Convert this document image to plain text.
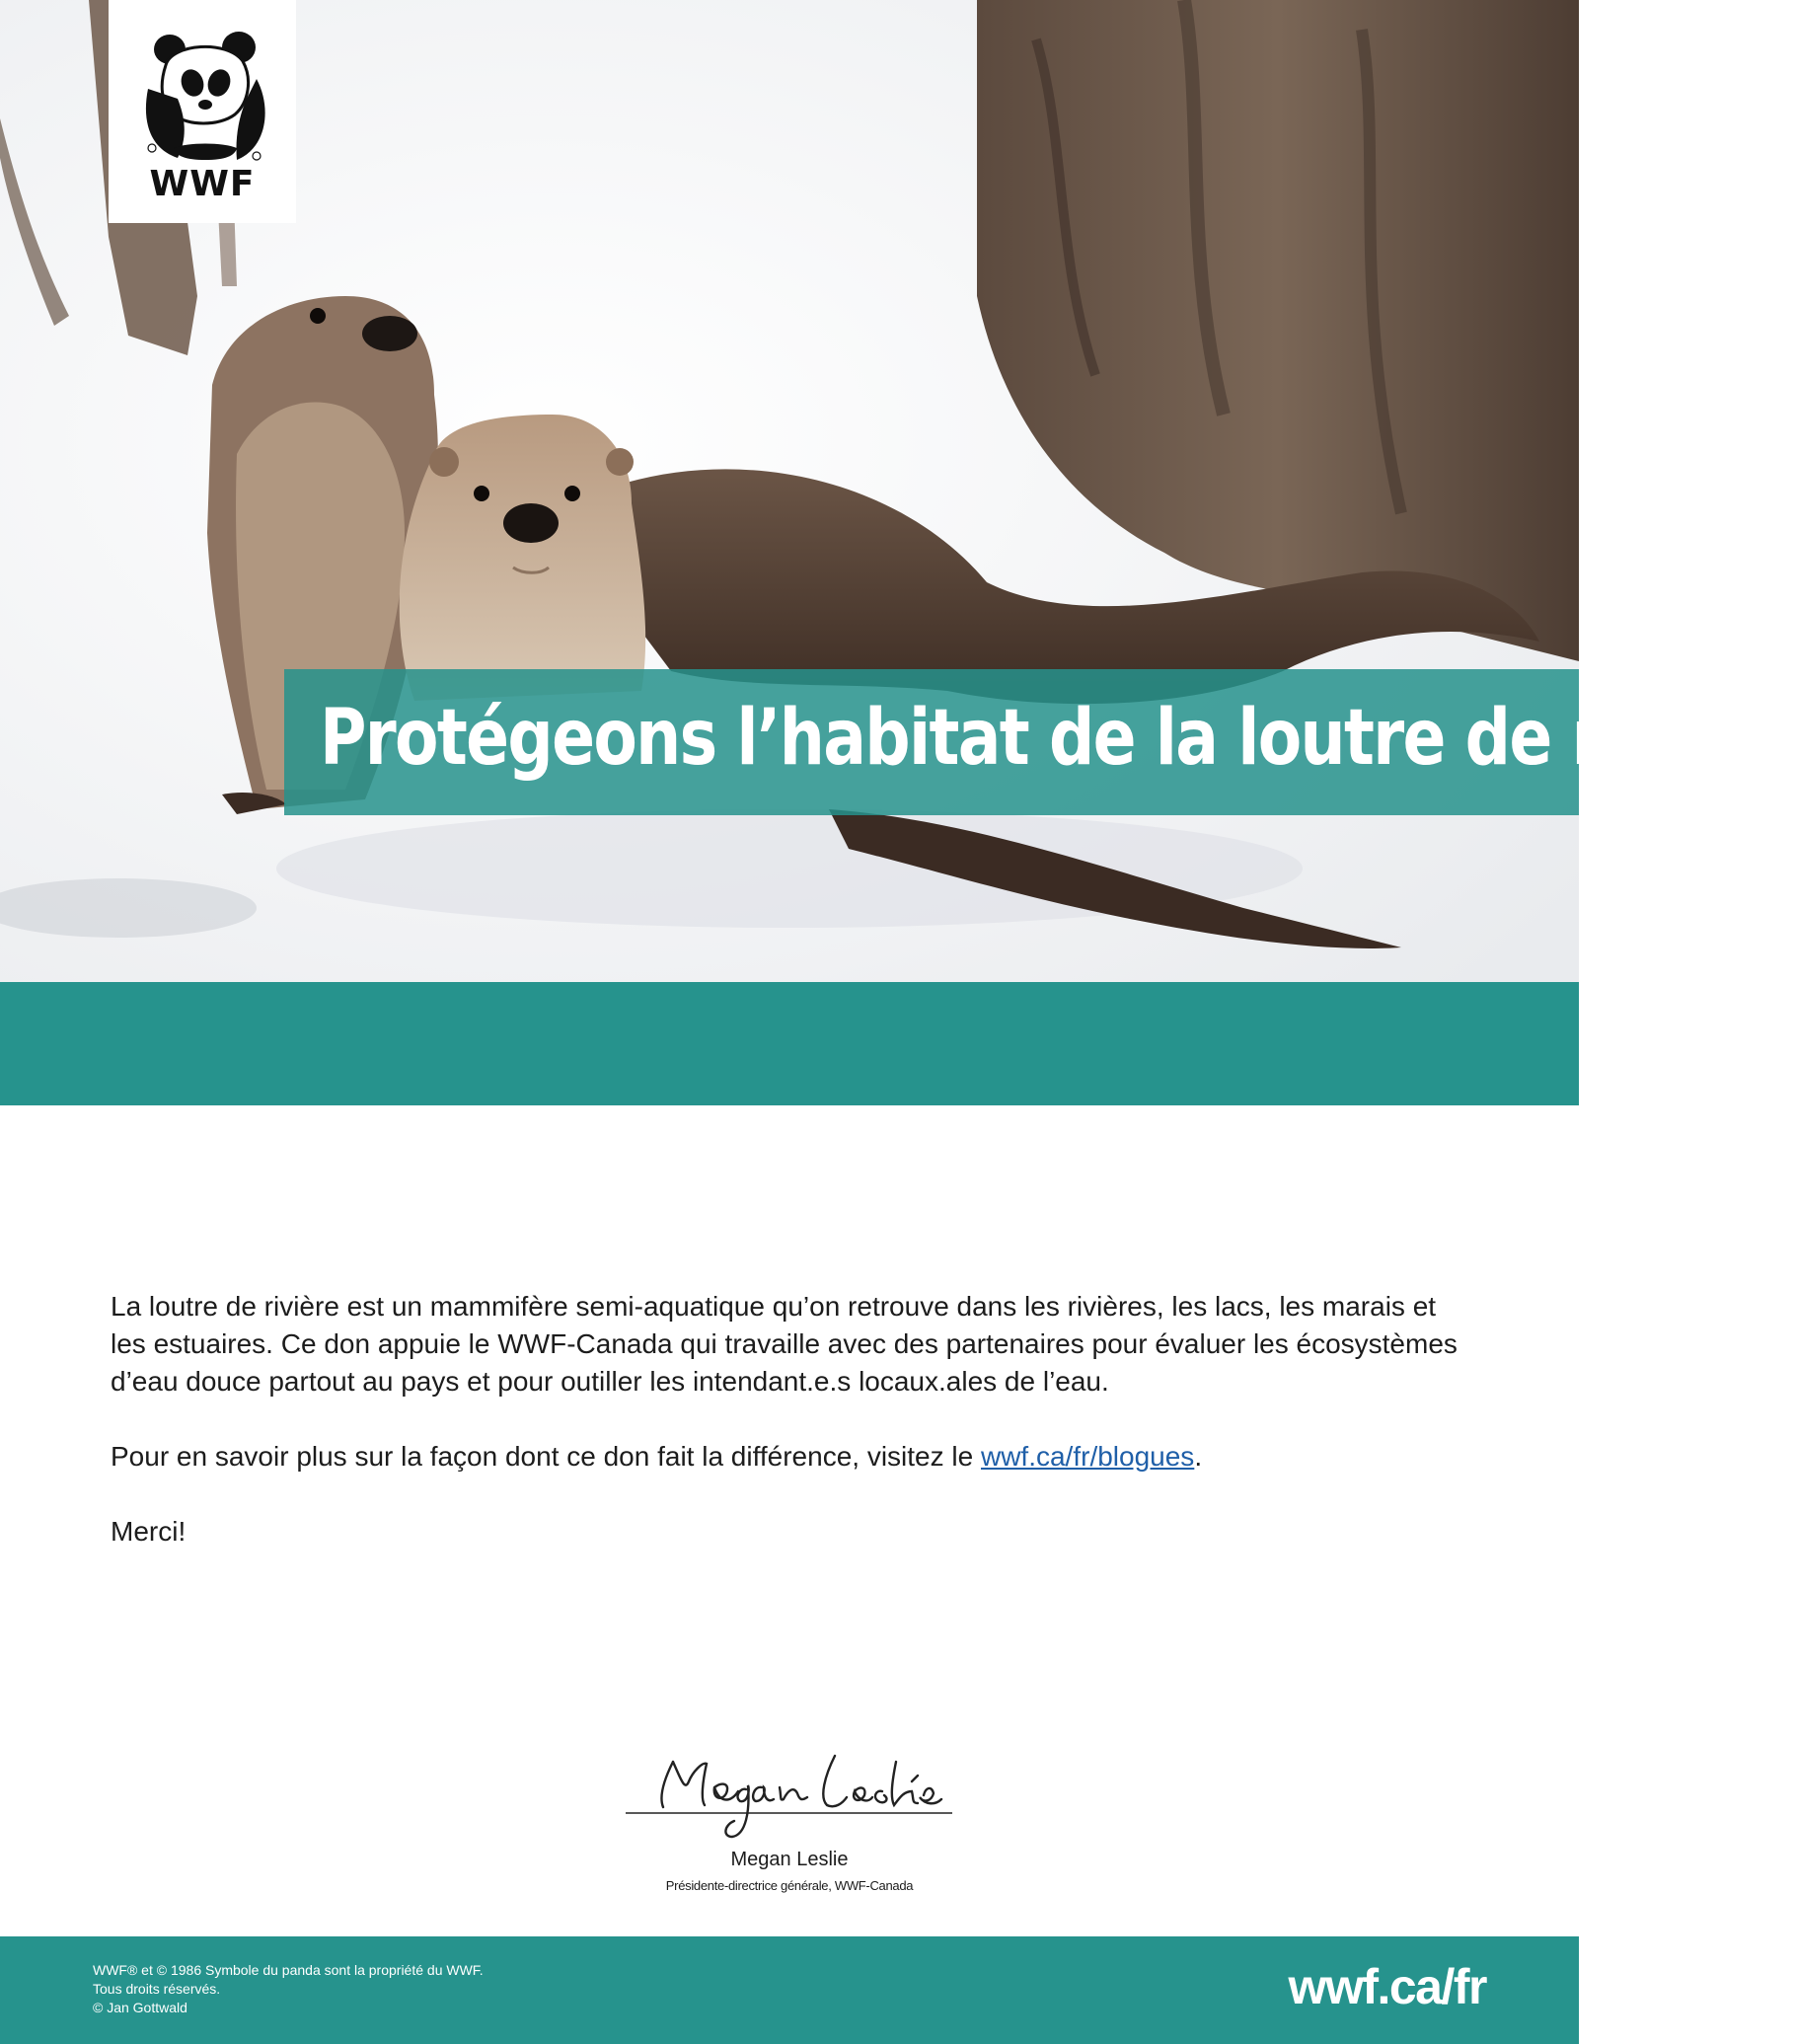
WWF
Protégeons l’habitat de la loutre de rivière

La loutre de rivière est un mammifère semi-aquatique qu’on retrouve dans les rivières, les lacs, les marais et les estuaires. Ce don appuie le WWF-Canada qui travaille avec des partenaires pour évaluer les écosystèmes d’eau douce partout au pays et pour outiller les intendant.e.s locaux.ales de l’eau.

Pour en savoir plus sur la façon dont ce don fait la différence, visitez le wwf.ca/fr/blogues.

Merci!

Megan Leslie
Présidente-directrice générale, WWF-Canada
WWF® et © 1986 Symbole du panda sont la propriété du WWF.
Tous droits réservés.
© Jan Gottwald	wwf.ca/fr
